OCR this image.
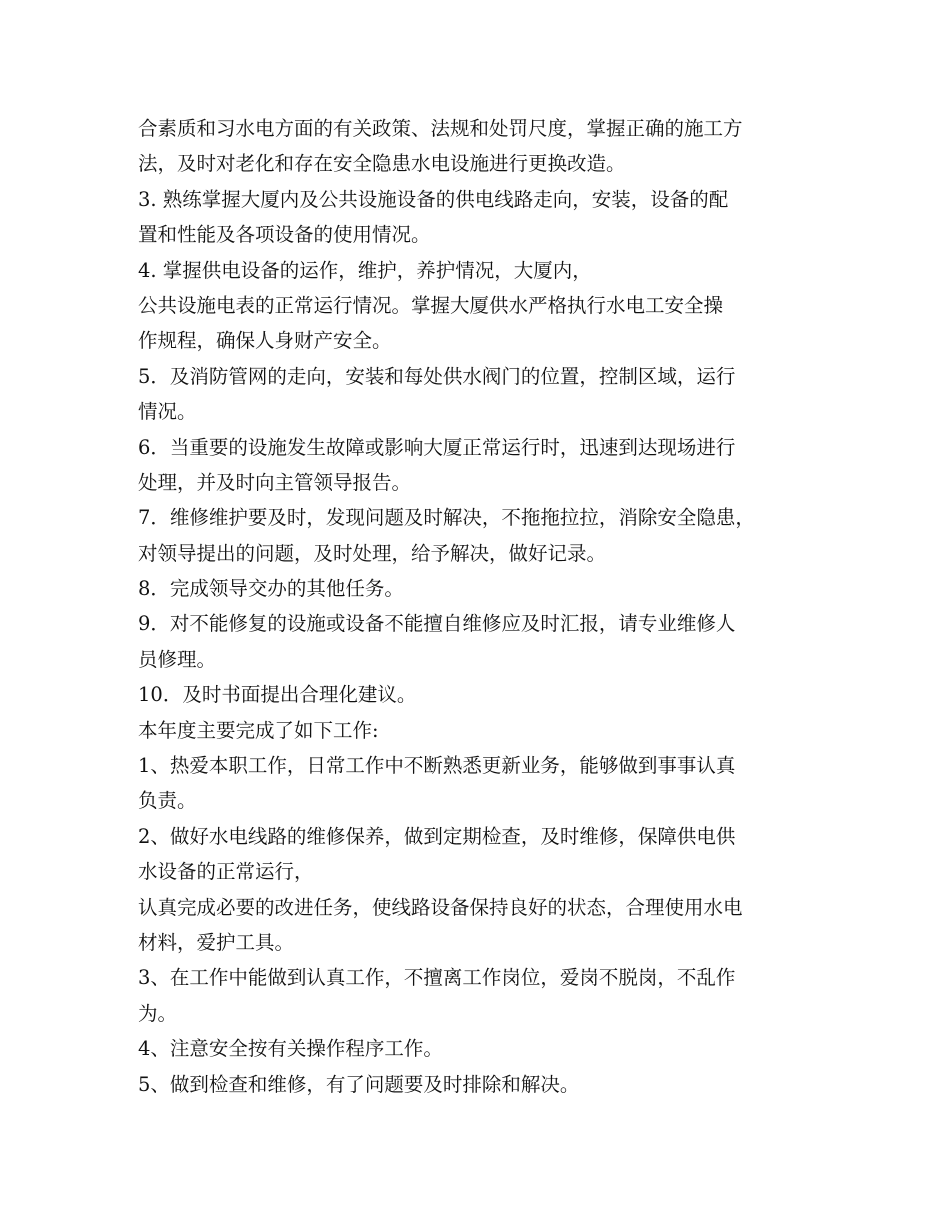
合素质和习水电方面的有关政策、法规和处罚尺度，掌握正确的施工方
法，及时对老化和存在安全隐患水电设施进行更换改造。
3. 熟练掌握大厦内及公共设施设备的供电线路走向，安装，设备的配
置和性能及各项设备的使用情况。
4. 掌握供电设备的运作，维护，养护情况，大厦内，
公共设施电表的正常运行情况。掌握大厦供水严格执行水电工安全操
作规程，确保人身财产安全。
5．及消防管网的走向，安装和每处供水阀门的位置，控制区域，运行
情况。
6．当重要的设施发生故障或影响大厦正常运行时，迅速到达现场进行
处理，并及时向主管领导报告。
7．维修维护要及时，发现问题及时解决，不拖拖拉拉，消除安全隐患，
对领导提出的问题，及时处理，给予解决，做好记录。
8．完成领导交办的其他任务。
9．对不能修复的设施或设备不能擅自维修应及时汇报，请专业维修人
员修理。
10．及时书面提出合理化建议。
本年度主要完成了如下工作:
1、热爱本职工作，日常工作中不断熟悉更新业务，能够做到事事认真
负责。
2、做好水电线路的维修保养，做到定期检查，及时维修，保障供电供
水设备的正常运行，
认真完成必要的改进任务，使线路设备保持良好的状态，合理使用水电
材料，爱护工具。
3、在工作中能做到认真工作，不擅离工作岗位，爱岗不脱岗，不乱作
为。
4、注意安全按有关操作程序工作。
5、做到检查和维修，有了问题要及时排除和解决。
